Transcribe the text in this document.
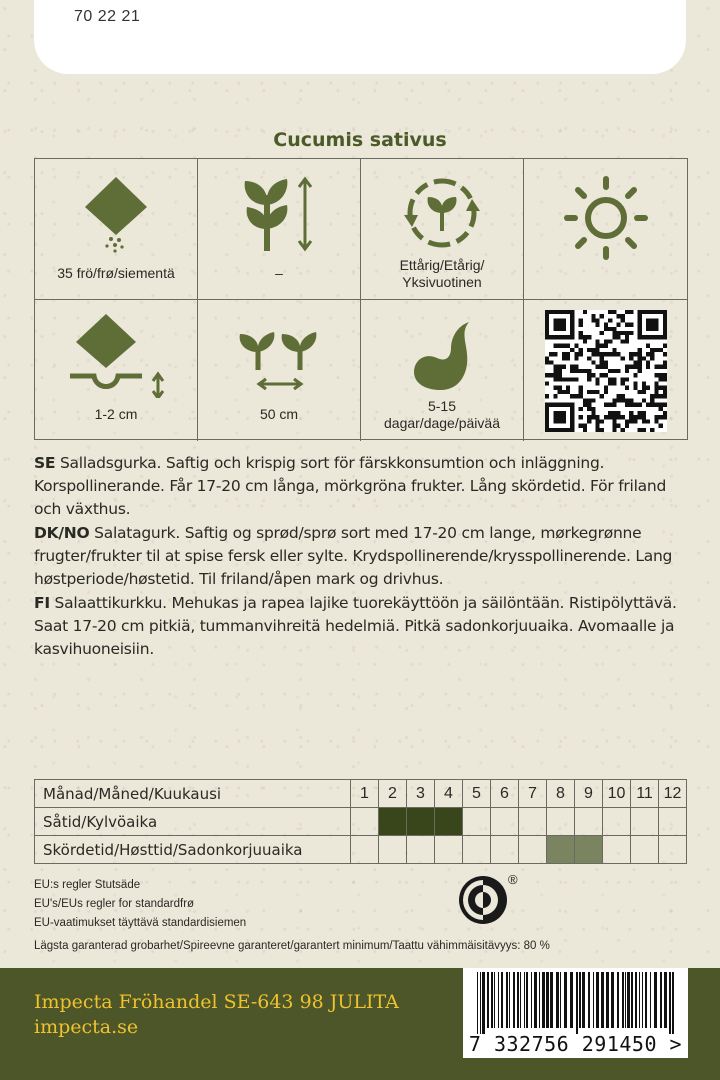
70 22 21
Cucumis sativus
35 frö/frø/siementä	–	Ettårig/Etårig/
Yksivuotinen
1-2 cm	50 cm	5-15
dagar/dage/päivää

SE Salladsgurka. Saftig och krispig sort för färskkonsumtion och inläggning. Korspollinerande. Får 17-20 cm långa, mörkgröna frukter. Lång skördetid. För friland och växthus.

DK/NO Salatagurk. Saftig og sprød/sprø sort med 17-20 cm lange, mørkegrønne frugter/frukter til at spise fersk eller sylte. Krydspollinerende/krysspollinerende. Lang høstperiode/høstetid. Til friland/åpen mark og drivhus.

FI Salaattikurkku. Mehukas ja rapea lajike tuorekäyttöön ja säilöntään. Ristipölyttävä. Saat 17-20 cm pitkiä, tummanvihreitä hedelmiä. Pitkä sadonkorjuuaika. Avomaalle ja kasvihuoneisiin.

Månad/Måned/Kuukausi	1	2	3	4	5	6	7	8	9	10	11	12
Såtid/Kylvöaika												
Skördetid/Høsttid/Sadonkorjuuaika												
EU:s regler Stutsäde
EU's/EUs regler for standardfrø
EU-vaatimukset täyttävä standardisiemen
®
Lägsta garanterad grobarhet/Spireevne garanteret/garantert minimum/Taattu vähimmäisitävyys: 80 %
Impecta Fröhandel SE-643 98 JULITA
impecta.se
7 332756 291450 >
